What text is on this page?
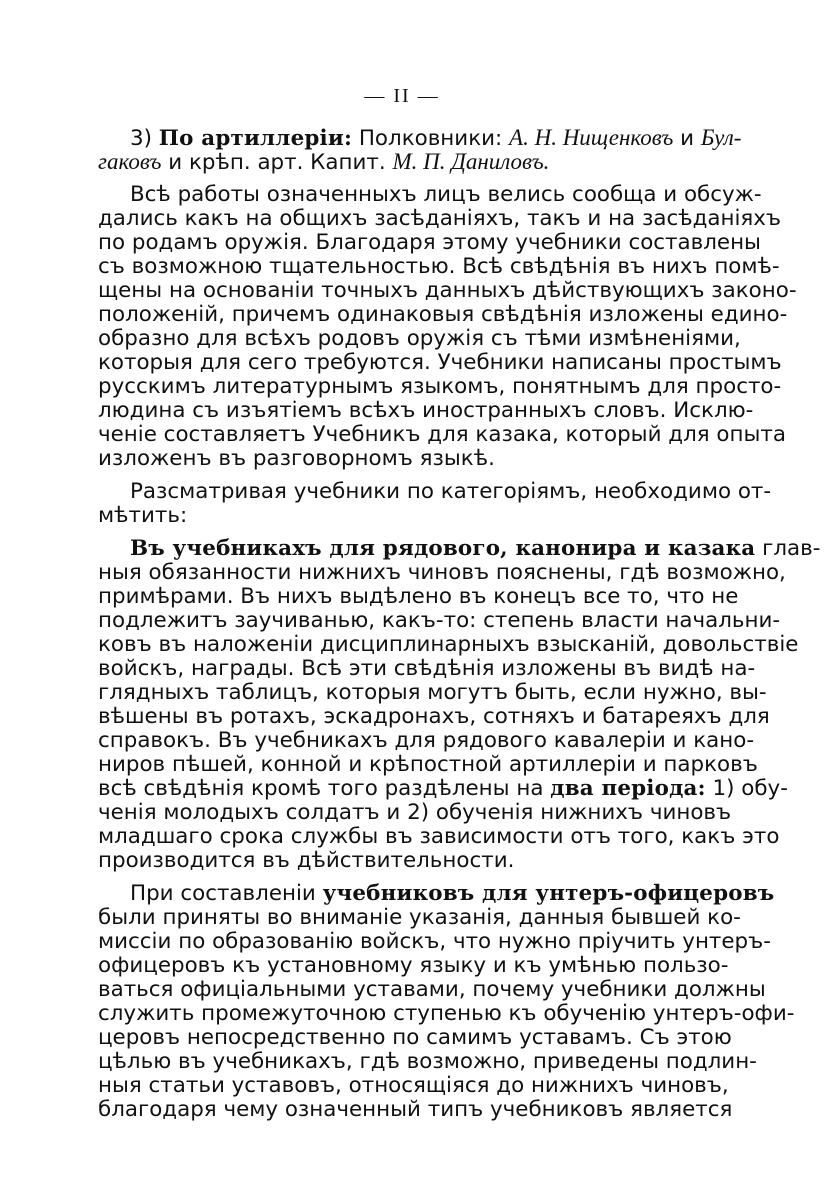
— II —
3) По артиллеріи: Полковники: А. Н. Нищенковъ и Бул-
гаковъ и крѣп. арт. Капит. М. П. Даниловъ.
Всѣ работы означенныхъ лицъ велись сообща и обсуж-
дались какъ на общихъ засѣданіяхъ, такъ и на засѣданіяхъ
по родамъ оружія. Благодаря этому учебники составлены
съ возможною тщательностью. Всѣ свѣдѣнія въ нихъ помѣ-
щены на основаніи точныхъ данныхъ дѣйствующихъ законо-
положеній, причемъ одинаковыя свѣдѣнія изложены едино-
образно для всѣхъ родовъ оружія съ тѣми измѣненіями,
которыя для сего требуются. Учебники написаны простымъ
русскимъ литературнымъ языкомъ, понятнымъ для просто-
людина съ изъятіемъ всѣхъ иностранныхъ словъ. Исклю-
ченіе составляетъ Учебникъ для казака, который для опыта
изложенъ въ разговорномъ языкѣ.
Разсматривая учебники по категоріямъ, необходимо от-
мѣтить:
Въ учебникахъ для рядового, канонира и казака глав-
ныя обязанности нижнихъ чиновъ пояснены, гдѣ возможно,
примѣрами. Въ нихъ выдѣлено въ конецъ все то, что не
подлежитъ заучиванью, какъ-то: степень власти начальни-
ковъ въ наложеніи дисциплинарныхъ взысканій, довольствіе
войскъ, награды. Всѣ эти свѣдѣнія изложены въ видѣ на-
глядныхъ таблицъ, которыя могутъ быть, если нужно, вы-
вѣшены въ ротахъ, эскадронахъ, сотняхъ и батареяхъ для
справокъ. Въ учебникахъ для рядового кавалеріи и кано-
ниров пѣшей, конной и крѣпостной артиллеріи и парковъ
всѣ свѣдѣнія кромѣ того раздѣлены на два періода: 1) обу-
ченія молодыхъ солдатъ и 2) обученія нижнихъ чиновъ
младшаго срока службы въ зависимости отъ того, какъ это
производится въ дѣйствительности.
При составленіи учебниковъ для унтеръ-офицеровъ
были приняты во вниманіе указанія, данныя бывшей ко-
миссіи по образованію войскъ, что нужно пріучить унтеръ-
офицеровъ къ установному языку и къ умѣнью пользо-
ваться офиціальными уставами, почему учебники должны
служить промежуточною ступенью къ обученію унтеръ-офи-
церовъ непосредственно по самимъ уставамъ. Съ этою
цѣлью въ учебникахъ, гдѣ возможно, приведены подлин-
ныя статьи уставовъ, относящіяся до нижнихъ чиновъ,
благодаря чему означенный типъ учебниковъ является
